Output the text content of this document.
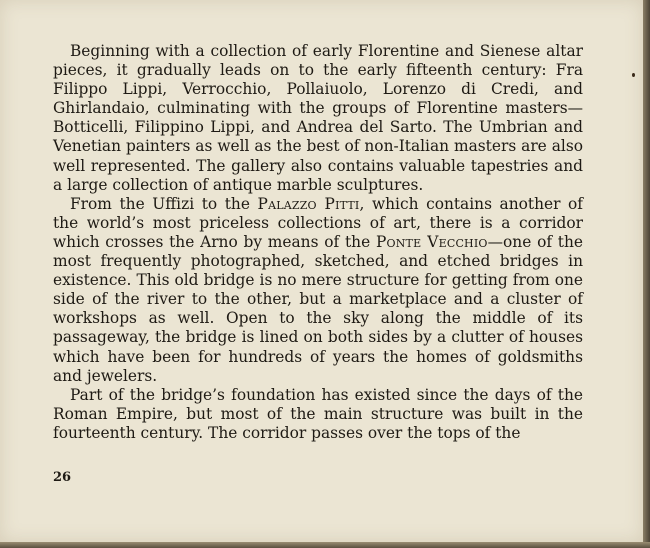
Beginning with a collection of early Florentine and Sienese altar pieces, it gradually leads on to the early fifteenth century: Fra Filippo Lippi, Verrocchio, Pollaiuolo, Lorenzo di Credi, and Ghirlandaio, culminating with the groups of Florentine masters—Botticelli, Filippino Lippi, and Andrea del Sarto. The Umbrian and Venetian painters as well as the best of non-Italian masters are also well represented. The gallery also contains valuable tapestries and a large collection of antique marble sculptures.

From the Uffizi to the Palazzo Pitti, which contains another of the world’s most priceless collections of art, there is a corridor which crosses the Arno by means of the Ponte Vecchio—one of the most frequently photographed, sketched, and etched bridges in existence. This old bridge is no mere structure for getting from one side of the river to the other, but a marketplace and a cluster of workshops as well. Open to the sky along the middle of its passageway, the bridge is lined on both sides by a clutter of houses which have been for hundreds of years the homes of goldsmiths and jewelers.

Part of the bridge’s foundation has existed since the days of the Roman Empire, but most of the main structure was built in the fourteenth century. The corridor passes over the tops of the

26
